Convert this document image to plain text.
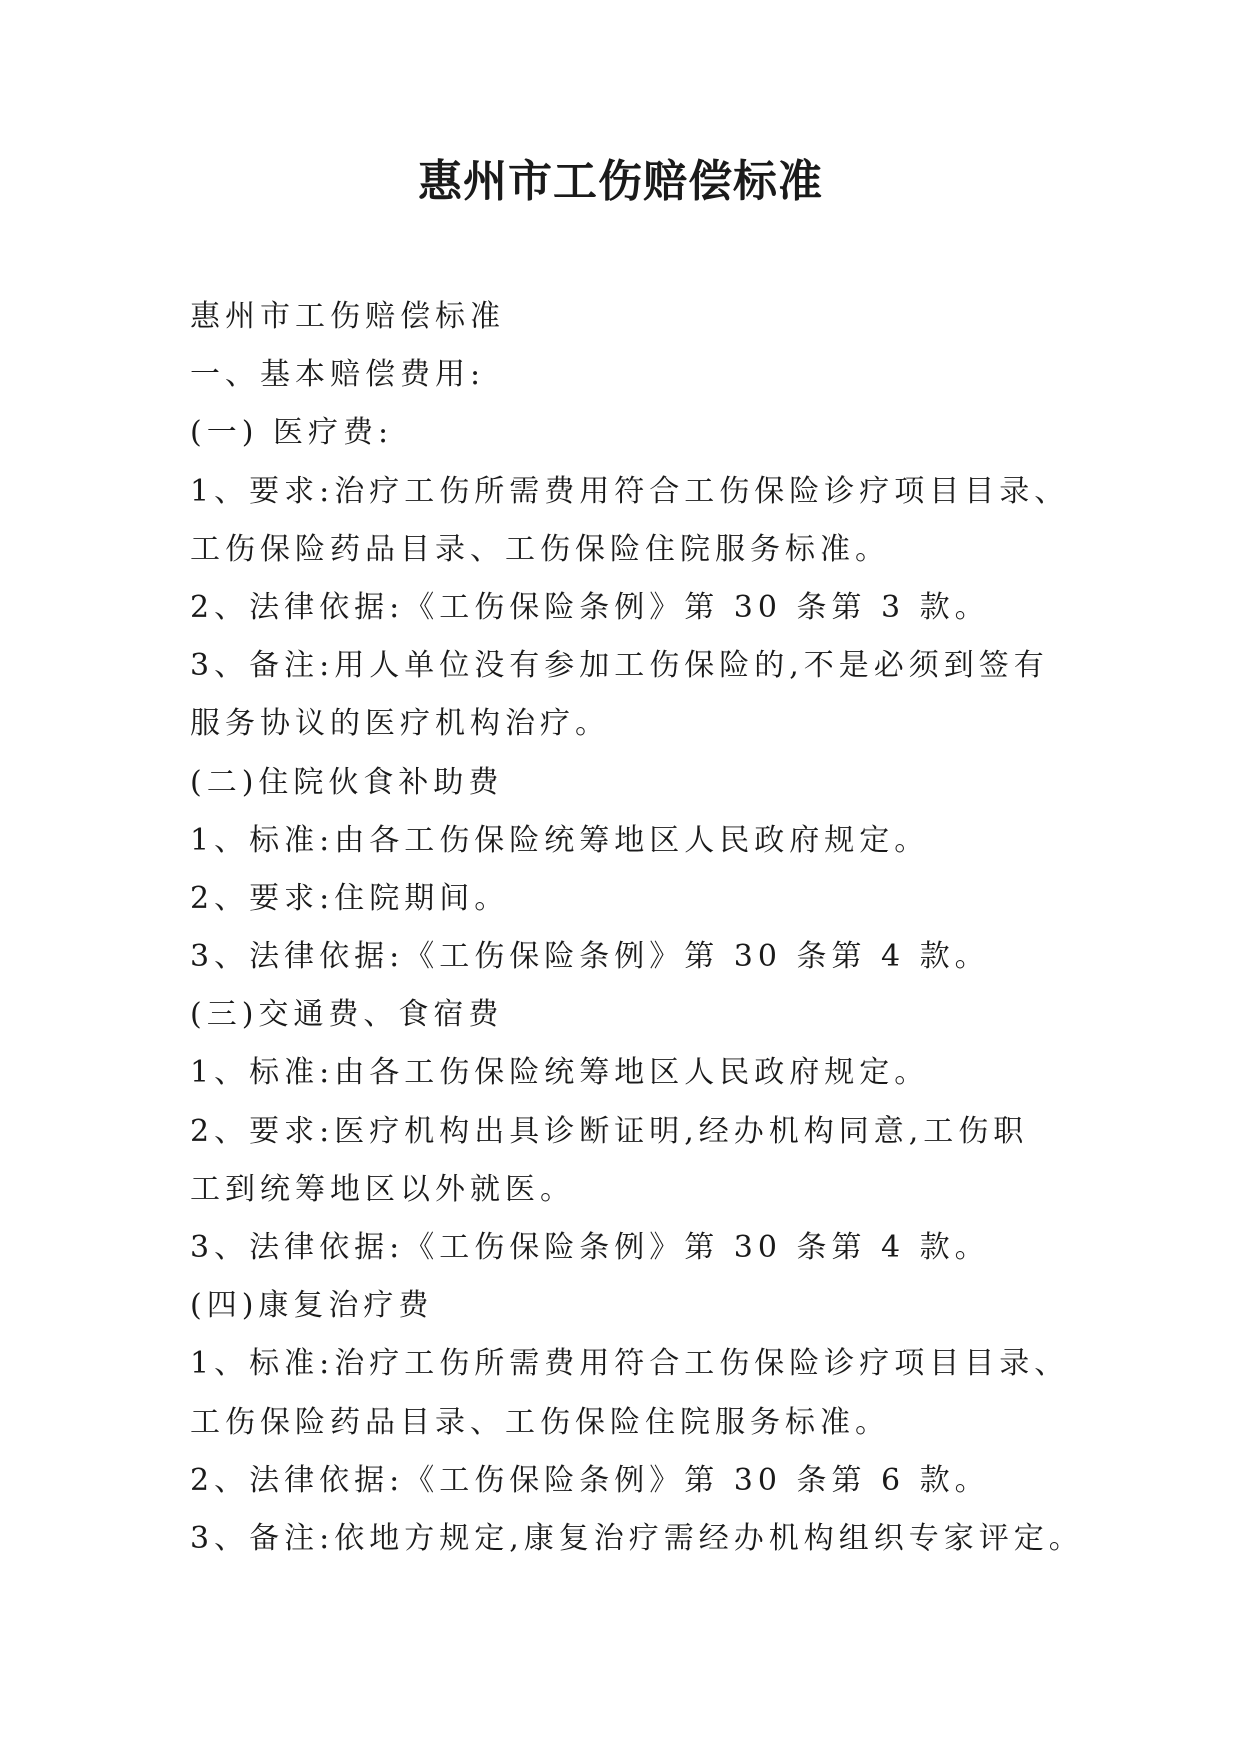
惠州市工伤赔偿标准
惠州市工伤赔偿标准
一、基本赔偿费用:
(一) 医疗费:
1、要求:治疗工伤所需费用符合工伤保险诊疗项目目录、
工伤保险药品目录、工伤保险住院服务标准。
2、法律依据:《工伤保险条例》第 30 条第 3 款。
3、备注:用人单位没有参加工伤保险的,不是必须到签有
服务协议的医疗机构治疗。
(二)住院伙食补助费
1、标准:由各工伤保险统筹地区人民政府规定。
2、要求:住院期间。
3、法律依据:《工伤保险条例》第 30 条第 4 款。
(三)交通费、食宿费
1、标准:由各工伤保险统筹地区人民政府规定。
2、要求:医疗机构出具诊断证明,经办机构同意,工伤职
工到统筹地区以外就医。
3、法律依据:《工伤保险条例》第 30 条第 4 款。
(四)康复治疗费
1、标准:治疗工伤所需费用符合工伤保险诊疗项目目录、
工伤保险药品目录、工伤保险住院服务标准。
2、法律依据:《工伤保险条例》第 30 条第 6 款。
3、备注:依地方规定,康复治疗需经办机构组织专家评定。
